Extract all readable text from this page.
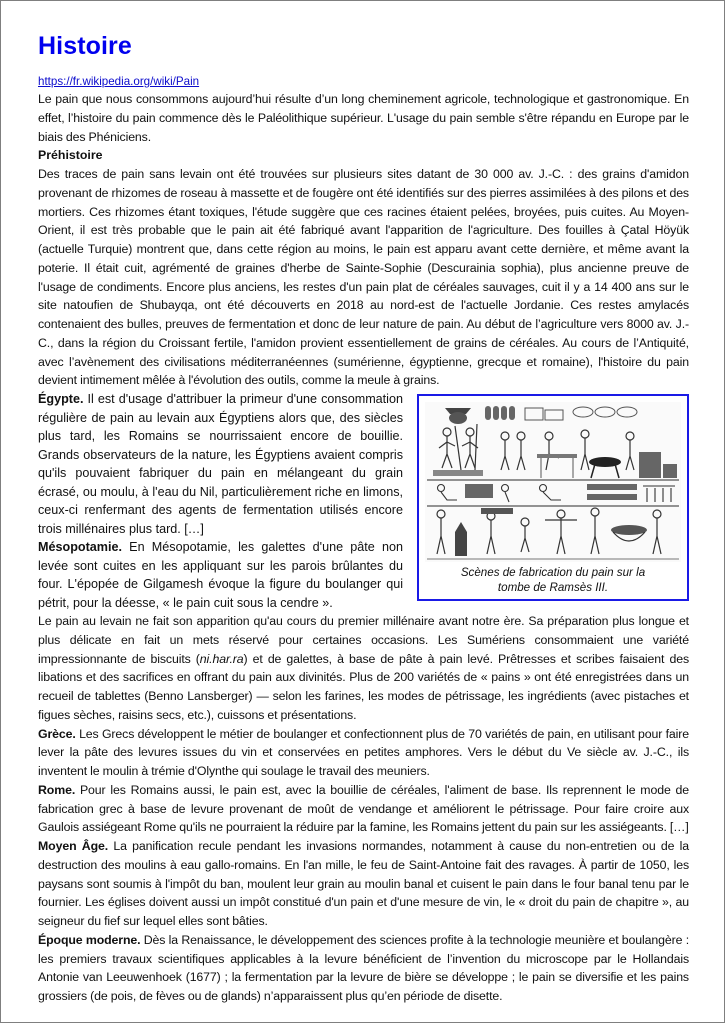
Histoire
https://fr.wikipedia.org/wiki/Pain

Le pain que nous consommons aujourd’hui résulte d’un long cheminement agricole, technologique et gastronomique. En effet, l’histoire du pain commence dès le Paléolithique supérieur. L'usage du pain semble s'être répandu en Europe par le biais des Phéniciens.

Préhistoire

Des traces de pain sans levain ont été trouvées sur plusieurs sites datant de 30 000 av. J.-C. : des grains d'amidon provenant de rhizomes de roseau à massette et de fougère ont été identifiés sur des pierres assimilées à des pilons et des mortiers. Ces rhizomes étant toxiques, l'étude suggère que ces racines étaient pelées, broyées, puis cuites. Au Moyen-Orient, il est très probable que le pain ait été fabriqué avant l'apparition de l'agriculture. Des fouilles à Çatal Höyük (actuelle Turquie) montrent que, dans cette région au moins, le pain est apparu avant cette dernière, et même avant la poterie. Il était cuit, agrémenté de graines d'herbe de Sainte-Sophie (Descurainia sophia), plus ancienne preuve de l'usage de condiments. Encore plus anciens, les restes d'un pain plat de céréales sauvages, cuit il y a 14 400 ans sur le site natoufien de Shubayqa, ont été découverts en 2018 au nord-est de l'actuelle Jordanie. Ces restes amylacés contenaient des bulles, preuves de fermentation et donc de leur nature de pain. Au début de l’agriculture vers 8000 av. J.-C., dans la région du Croissant fertile, l'amidon provient essentiellement de grains de céréales. Au cours de l’Antiquité, avec l’avènement des civilisations méditerranéennes (sumérienne, égyptienne, grecque et romaine), l'histoire du pain devient intimement mêlée à l'évolution des outils, comme la meule à grains.

Scènes de fabrication du pain sur la
tombe de Ramsès III.

Égypte. Il est d'usage d'attribuer la primeur d'une consommation régulière de pain au levain aux Égyptiens alors que, des siècles plus tard, les Romains se nourrissaient encore de bouillie. Grands observateurs de la nature, les Égyptiens avaient compris qu'ils pouvaient fabriquer du pain en mélangeant du grain écrasé, ou moulu, à l'eau du Nil, particulièrement riche en limons, ceux-ci renfermant des agents de fermentation utilisés encore trois millénaires plus tard. […]

Mésopotamie. En Mésopotamie, les galettes d'une pâte non levée sont cuites en les appliquant sur les parois brûlantes du four. L'épopée de Gilgamesh évoque la figure du boulanger qui pétrit, pour la déesse, « le pain cuit sous la cendre ».

Le pain au levain ne fait son apparition qu'au cours du premier millénaire avant notre ère. Sa préparation plus longue et plus délicate en fait un mets réservé pour certaines occasions. Les Sumériens consommaient une variété impressionnante de biscuits (ni.har.ra) et de galettes, à base de pâte à pain levé. Prêtresses et scribes faisaient des libations et des sacrifices en offrant du pain aux divinités. Plus de 200 variétés de « pains » ont été enregistrées dans un recueil de tablettes (Benno Lansberger) — selon les farines, les modes de pétrissage, les ingrédients (avec pistaches et figues sèches, raisins secs, etc.), cuissons et présentations.

Grèce. Les Grecs développent le métier de boulanger et confectionnent plus de 70 variétés de pain, en utilisant pour faire lever la pâte des levures issues du vin et conservées en petites amphores. Vers le début du Ve siècle av. J.-C., ils inventent le moulin à trémie d'Olynthe qui soulage le travail des meuniers.

Rome. Pour les Romains aussi, le pain est, avec la bouillie de céréales, l'aliment de base. Ils reprennent le mode de fabrication grec à base de levure provenant de moût de vendange et améliorent le pétrissage. Pour faire croire aux Gaulois assiégeant Rome qu'ils ne pourraient la réduire par la famine, les Romains jettent du pain sur les assiégeants. […]

Moyen Âge. La panification recule pendant les invasions normandes, notamment à cause du non-entretien ou de la destruction des moulins à eau gallo-romains. En l'an mille, le feu de Saint-Antoine fait des ravages. À partir de 1050, les paysans sont soumis à l'impôt du ban, moulent leur grain au moulin banal et cuisent le pain dans le four banal tenu par le fournier. Les églises doivent aussi un impôt constitué d'un pain et d'une mesure de vin, le « droit du pain de chapitre », au seigneur du fief sur lequel elles sont bâties.

Époque moderne. Dès la Renaissance, le développement des sciences profite à la technologie meunière et boulangère : les premiers travaux scientifiques applicables à la levure bénéficient de l’invention du microscope par le Hollandais Antonie van Leeuwenhoek (1677) ; la fermentation par la levure de bière se développe ; le pain se diversifie et les pains grossiers (de pois, de fèves ou de glands) n’apparaissent plus qu’en période de disette.
